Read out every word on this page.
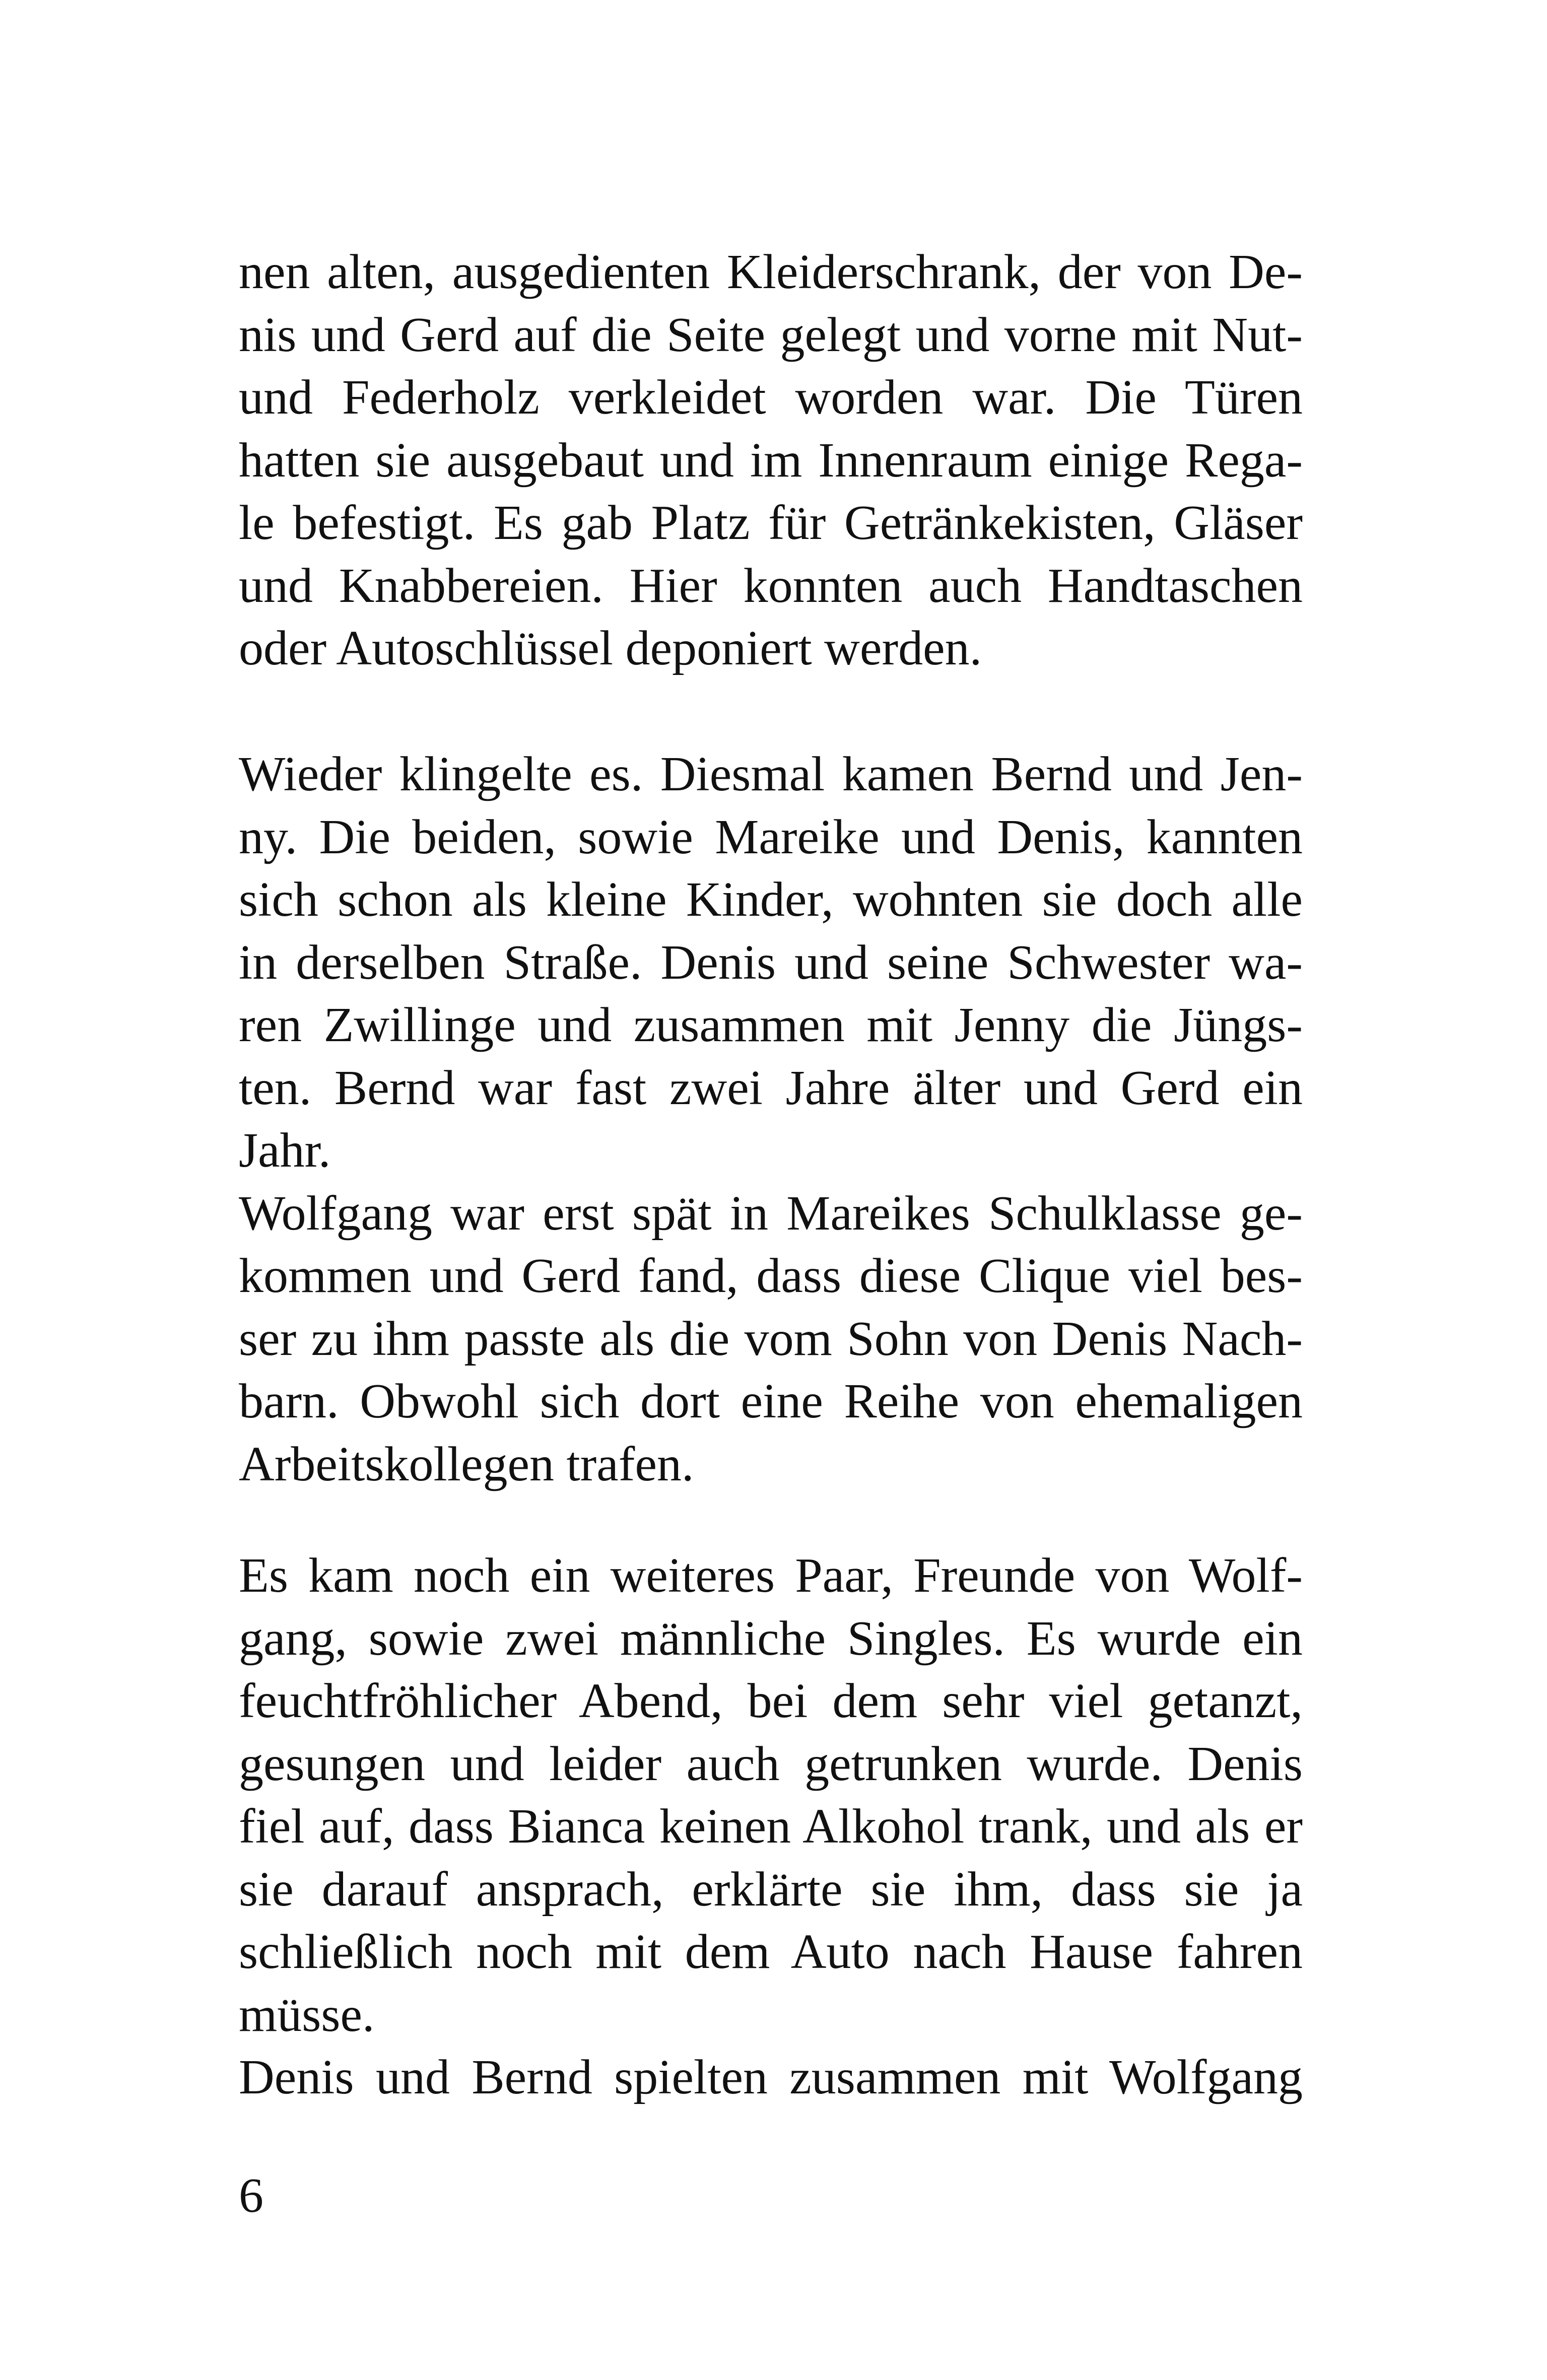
nen alten, ausgedienten Kleiderschrank, der von De-
nis und Gerd auf die Seite gelegt und vorne mit Nut-
und Federholz verkleidet worden war. Die Türen
hatten sie ausgebaut und im Innenraum einige Rega-
le befestigt. Es gab Platz für Getränkekisten, Gläser
und Knabbereien. Hier konnten auch Handtaschen
oder Autoschlüssel deponiert werden.
Wieder klingelte es. Diesmal kamen Bernd und Jen-
ny. Die beiden, sowie Mareike und Denis, kannten
sich schon als kleine Kinder, wohnten sie doch alle
in derselben Straße. Denis und seine Schwester wa-
ren Zwillinge und zusammen mit Jenny die Jüngs-
ten. Bernd war fast zwei Jahre älter und Gerd ein
Jahr.
Wolfgang war erst spät in Mareikes Schulklasse ge-
kommen und Gerd fand, dass diese Clique viel bes-
ser zu ihm passte als die vom Sohn von Denis Nach-
barn. Obwohl sich dort eine Reihe von ehemaligen
Arbeitskollegen trafen.
Es kam noch ein weiteres Paar, Freunde von Wolf-
gang, sowie zwei männliche Singles. Es wurde ein
feuchtfröhlicher Abend, bei dem sehr viel getanzt,
gesungen und leider auch getrunken wurde. Denis
fiel auf, dass Bianca keinen Alkohol trank, und als er
sie darauf ansprach, erklärte sie ihm, dass sie ja
schließlich noch mit dem Auto nach Hause fahren
müsse.
Denis und Bernd spielten zusammen mit Wolfgang
6
